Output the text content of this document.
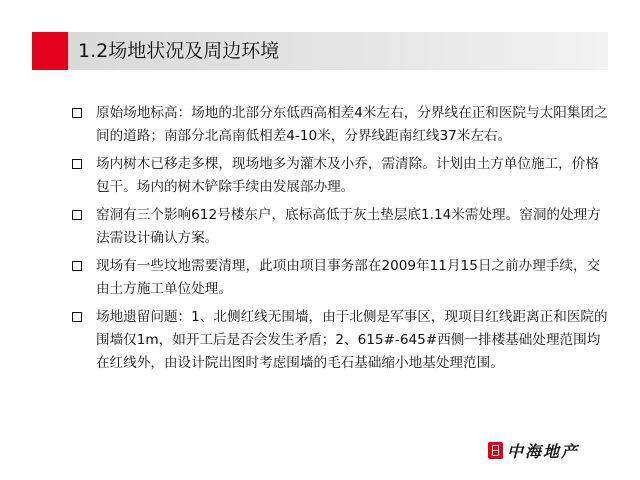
1.2场地状况及周边环境
原始场地标高：场地的北部分东低西高相差4米左右，分界线在正和医院与太阳集团之间的道路；南部分北高南低相差4-10米，分界线距南红线37米左右。
场内树木已移走多棵，现场地多为灌木及小乔，需清除。计划由土方单位施工，价格包干。场内的树木铲除手续由发展部办理。
窑洞有三个影响612号楼东户，底标高低于灰土垫层底1.14米需处理。窑洞的处理方法需设计确认方案。
现场有一些坟地需要清理，此项由项目事务部在2009年11月15日之前办理手续，交由土方施工单位处理。
场地遗留问题：1、北侧红线无围墙，由于北侧是军事区，现项目红线距离正和医院的围墙仅1m，如开工后是否会发生矛盾；2、615#-645#西侧一排楼基础处理范围均在红线外，由设计院出图时考虑围墙的毛石基础缩小地基处理范围。
中海地产
